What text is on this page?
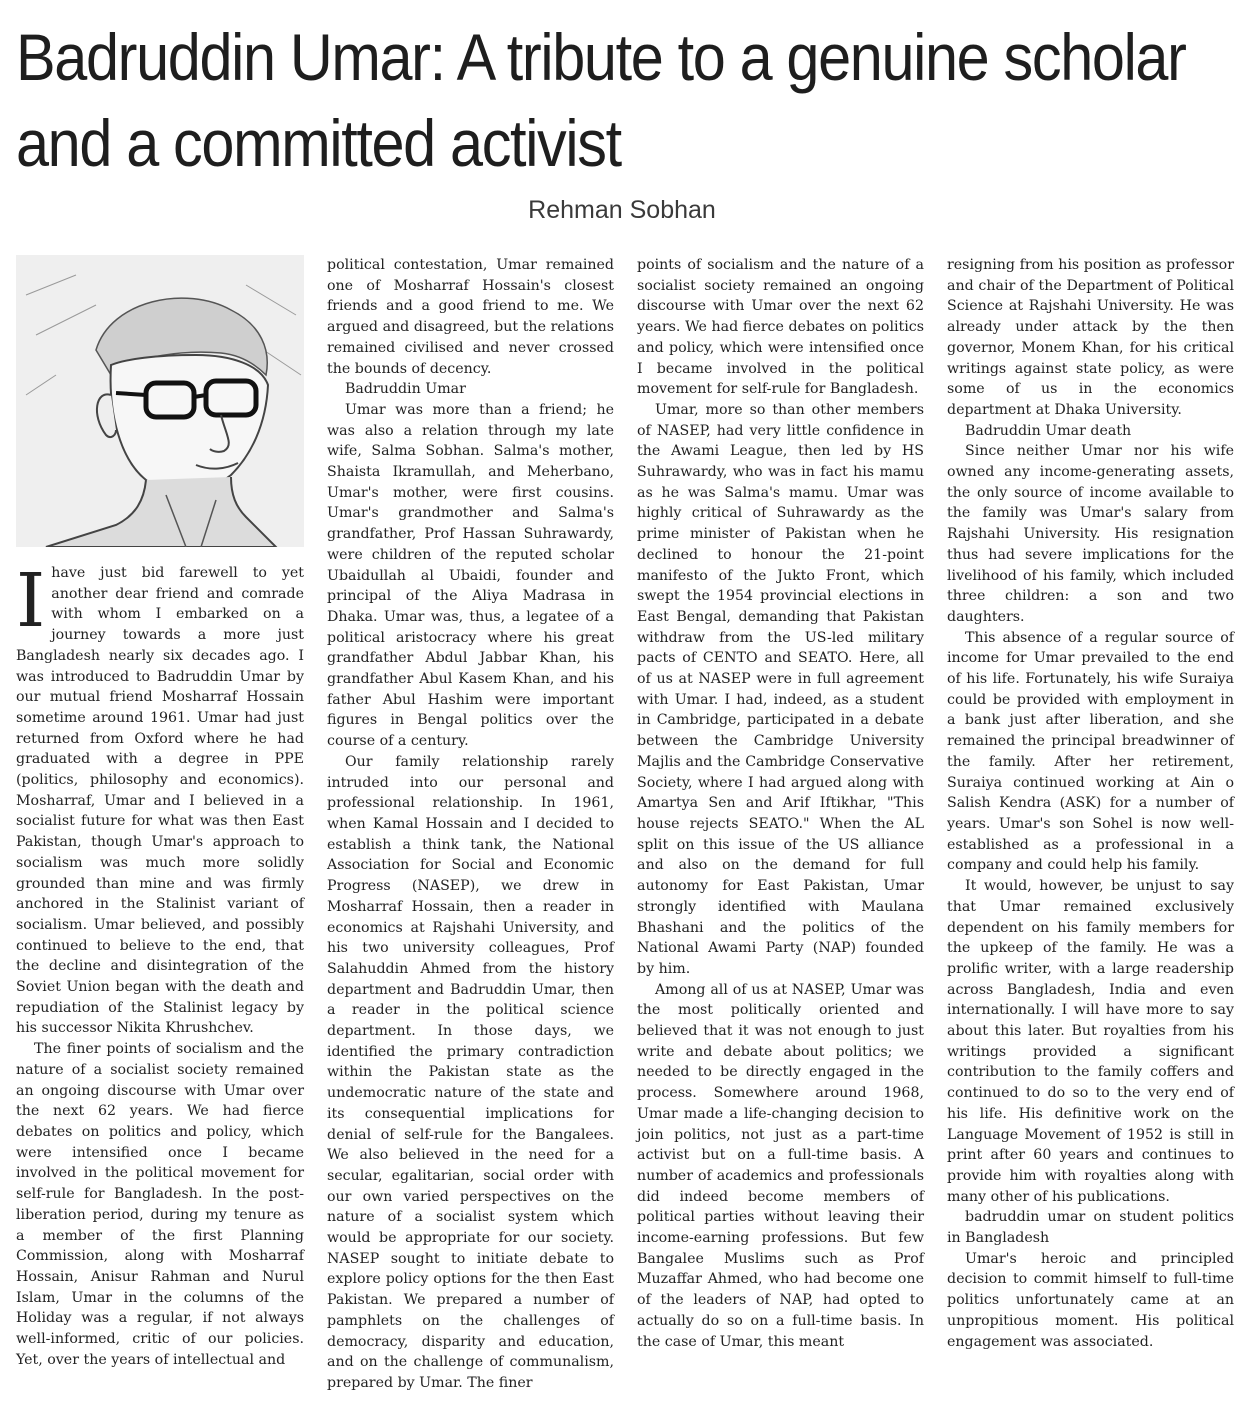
Badruddin Umar: A tribute to a genuine scholar and a committed activist
Rehman Sobhan
I have just bid farewell to yet another dear friend and comrade with whom I embarked on a journey towards a more just Bangladesh nearly six decades ago. I was introduced to Badruddin Umar by our mutual friend Mosharraf Hossain sometime around 1961. Umar had just returned from Oxford where he had graduated with a degree in PPE (politics, philosophy and economics). Mosharraf, Umar and I believed in a socialist future for what was then East Pakistan, though Umar's approach to socialism was much more solidly grounded than mine and was firmly anchored in the Stalinist variant of socialism. Umar believed, and possibly continued to believe to the end, that the decline and disintegration of the Soviet Union began with the death and repudiation of the Stalinist legacy by his successor Nikita Khrushchev.

The finer points of socialism and the nature of a socialist society remained an ongoing discourse with Umar over the next 62 years. We had fierce debates on politics and policy, which were intensified once I became involved in the political movement for self-rule for Bangladesh. In the post-liberation period, during my tenure as a member of the first Planning Commission, along with Mosharraf Hossain, Anisur Rahman and Nurul Islam, Umar in the columns of the Holiday was a regular, if not always well-informed, critic of our policies. Yet, over the years of intellectual and

political contestation, Umar remained one of Mosharraf Hossain's closest friends and a good friend to me. We argued and disagreed, but the relations remained civilised and never crossed the bounds of decency.

Badruddin Umar

Umar was more than a friend; he was also a relation through my late wife, Salma Sobhan. Salma's mother, Shaista Ikramullah, and Meherbano, Umar's mother, were first cousins. Umar's grandmother and Salma's grandfather, Prof Hassan Suhrawardy, were children of the reputed scholar Ubaidullah al Ubaidi, founder and principal of the Aliya Madrasa in Dhaka. Umar was, thus, a legatee of a political aristocracy where his great grandfather Abdul Jabbar Khan, his grandfather Abul Kasem Khan, and his father Abul Hashim were important figures in Bengal politics over the course of a century.

Our family relationship rarely intruded into our personal and professional relationship. In 1961, when Kamal Hossain and I decided to establish a think tank, the National Association for Social and Economic Progress (NASEP), we drew in Mosharraf Hossain, then a reader in economics at Rajshahi University, and his two university colleagues, Prof Salahuddin Ahmed from the history department and Badruddin Umar, then a reader in the political science department. In those days, we identified the primary contradiction within the Pakistan state as the undemocratic nature of the state and its consequential implications for denial of self-rule for the Bangalees. We also believed in the need for a secular, egalitarian, social order with our own varied perspectives on the nature of a socialist system which would be appropriate for our society. NASEP sought to initiate debate to explore policy options for the then East Pakistan. We prepared a number of pamphlets on the challenges of democracy, disparity and education, and on the challenge of communalism, prepared by Umar. The finer

points of socialism and the nature of a socialist society remained an ongoing discourse with Umar over the next 62 years. We had fierce debates on politics and policy, which were intensified once I became involved in the political movement for self-rule for Bangladesh.

Umar, more so than other members of NASEP, had very little confidence in the Awami League, then led by HS Suhrawardy, who was in fact his mamu as he was Salma's mamu. Umar was highly critical of Suhrawardy as the prime minister of Pakistan when he declined to honour the 21-point manifesto of the Jukto Front, which swept the 1954 provincial elections in East Bengal, demanding that Pakistan withdraw from the US-led military pacts of CENTO and SEATO. Here, all of us at NASEP were in full agreement with Umar. I had, indeed, as a student in Cambridge, participated in a debate between the Cambridge University Majlis and the Cambridge Conservative Society, where I had argued along with Amartya Sen and Arif Iftikhar, "This house rejects SEATO." When the AL split on this issue of the US alliance and also on the demand for full autonomy for East Pakistan, Umar strongly identified with Maulana Bhashani and the politics of the National Awami Party (NAP) founded by him.

Among all of us at NASEP, Umar was the most politically oriented and believed that it was not enough to just write and debate about politics; we needed to be directly engaged in the process. Somewhere around 1968, Umar made a life-changing decision to join politics, not just as a part-time activist but on a full-time basis. A number of academics and professionals did indeed become members of political parties without leaving their income-earning professions. But few Bangalee Muslims such as Prof Muzaffar Ahmed, who had become one of the leaders of NAP, had opted to actually do so on a full-time basis. In the case of Umar, this meant

resigning from his position as professor and chair of the Department of Political Science at Rajshahi University. He was already under attack by the then governor, Monem Khan, for his critical writings against state policy, as were some of us in the economics department at Dhaka University.

Badruddin Umar death

Since neither Umar nor his wife owned any income-generating assets, the only source of income available to the family was Umar's salary from Rajshahi University. His resignation thus had severe implications for the livelihood of his family, which included three children: a son and two daughters.

This absence of a regular source of income for Umar prevailed to the end of his life. Fortunately, his wife Suraiya could be provided with employment in a bank just after liberation, and she remained the principal breadwinner of the family. After her retirement, Suraiya continued working at Ain o Salish Kendra (ASK) for a number of years. Umar's son Sohel is now well-established as a professional in a company and could help his family.

It would, however, be unjust to say that Umar remained exclusively dependent on his family members for the upkeep of the family. He was a prolific writer, with a large readership across Bangladesh, India and even internationally. I will have more to say about this later. But royalties from his writings provided a significant contribution to the family coffers and continued to do so to the very end of his life. His definitive work on the Language Movement of 1952 is still in print after 60 years and continues to provide him with royalties along with many other of his publications.

badruddin umar on student politics in Bangladesh

Umar's heroic and principled decision to commit himself to full-time politics unfortunately came at an unpropitious moment. His political engagement was associated.
